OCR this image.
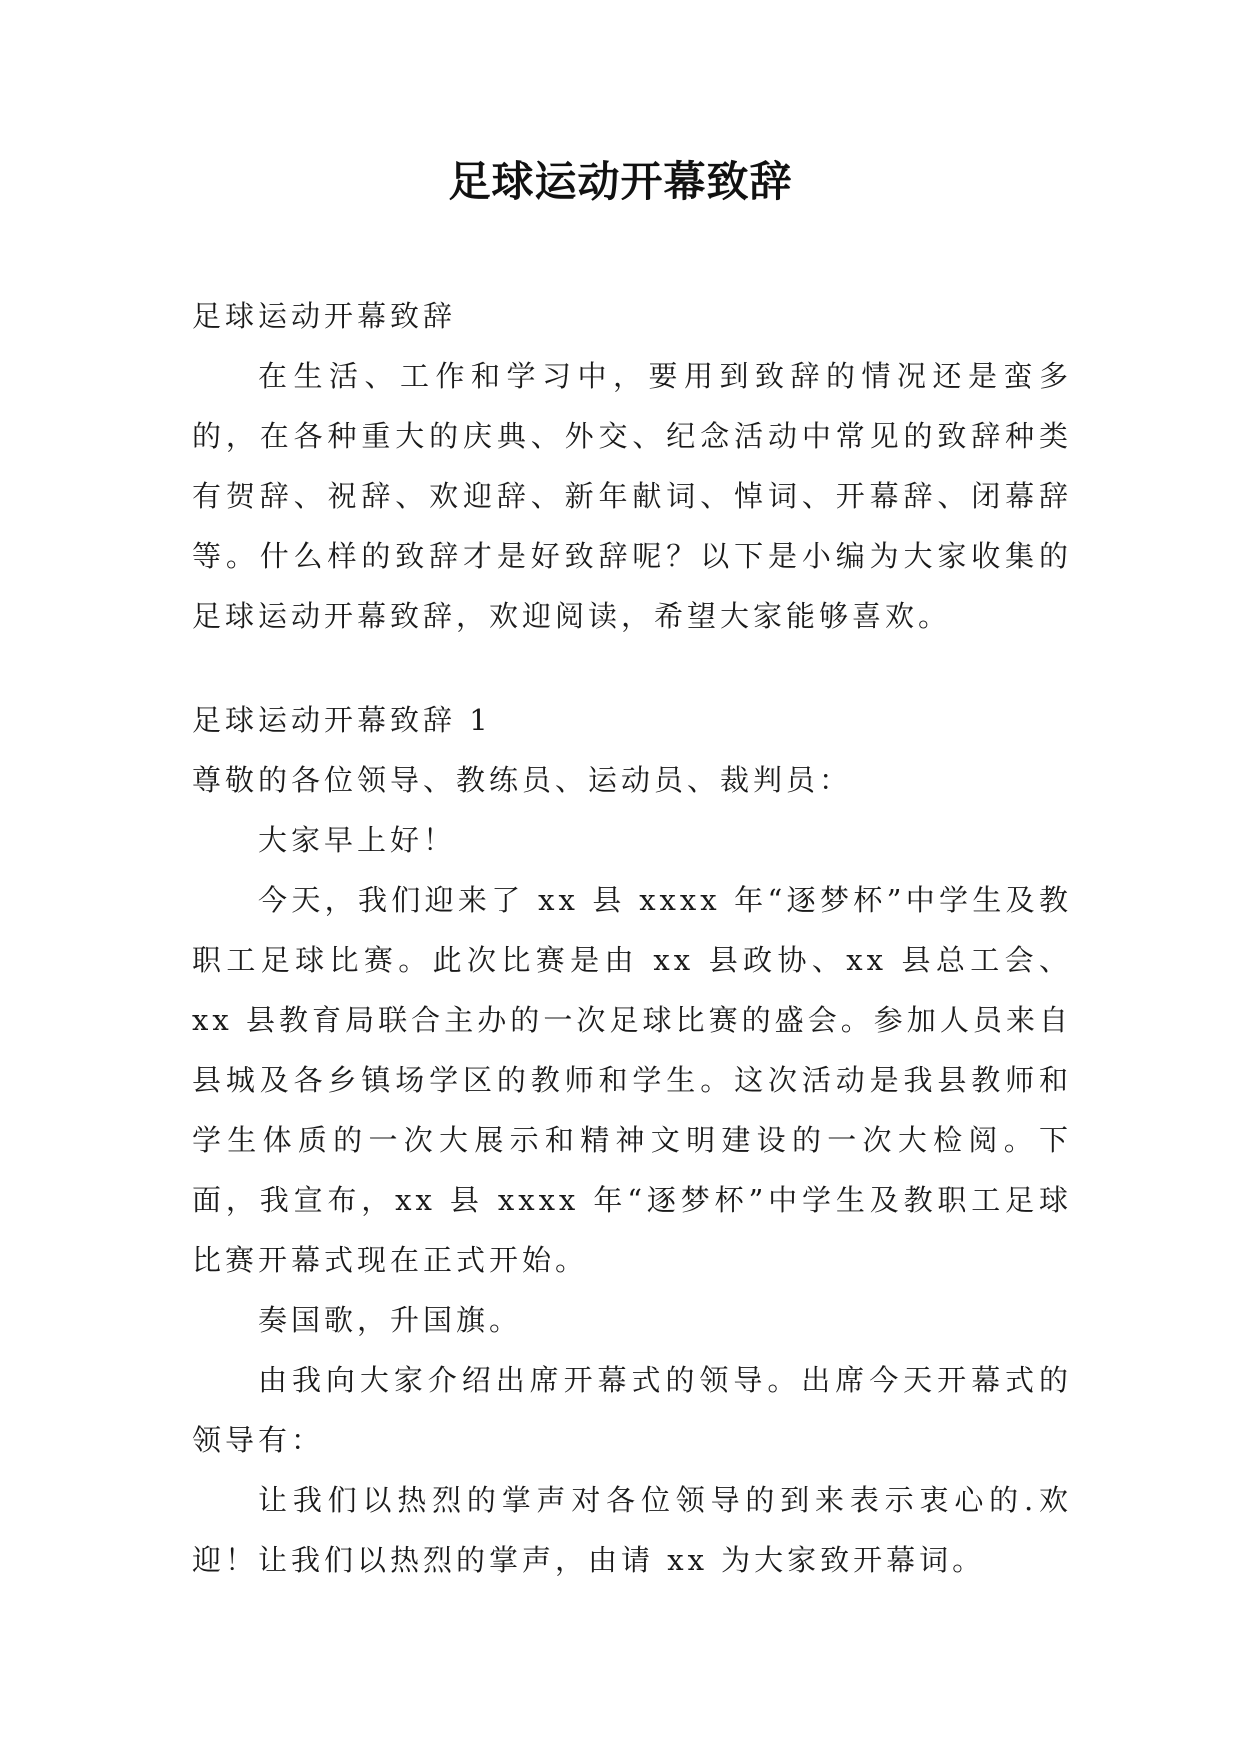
足球运动开幕致辞

足球运动开幕致辞

在生活、工作和学习中，要用到致辞的情况还是蛮多的，在各种重大的庆典、外交、纪念活动中常见的致辞种类有贺辞、祝辞、欢迎辞、新年献词、悼词、开幕辞、闭幕辞等。什么样的致辞才是好致辞呢？以下是小编为大家收集的足球运动开幕致辞，欢迎阅读，希望大家能够喜欢。

足球运动开幕致辞 1

尊敬的各位领导、教练员、运动员、裁判员：

大家早上好！

今天，我们迎来了 xx 县 xxxx 年“逐梦杯”中学生及教职工足球比赛。此次比赛是由 xx 县政协、xx 县总工会、xx 县教育局联合主办的一次足球比赛的盛会。参加人员来自县城及各乡镇场学区的教师和学生。这次活动是我县教师和学生体质的一次大展示和精神文明建设的一次大检阅。下面，我宣布，xx 县 xxxx 年“逐梦杯”中学生及教职工足球比赛开幕式现在正式开始。

奏国歌，升国旗。

由我向大家介绍出席开幕式的领导。出席今天开幕式的领导有：

让我们以热烈的掌声对各位领导的到来表示衷心的.欢迎！让我们以热烈的掌声，由请 xx 为大家致开幕词。
